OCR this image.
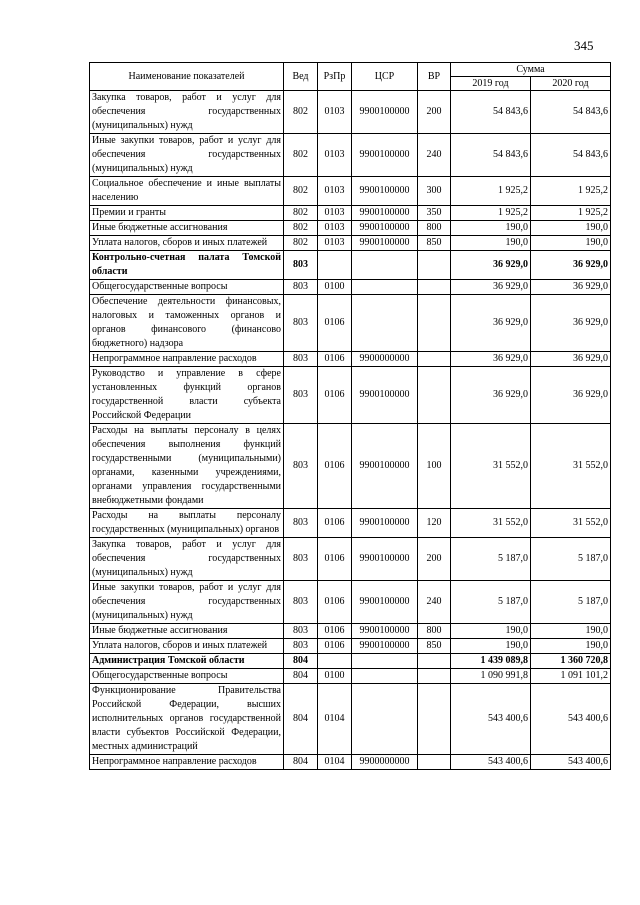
345
Наименование показателей	Вед	РзПр	ЦСР	ВР	Сумма	
					2019 год	2020 год
Закупка товаров, работ и услуг для обеспечения государственных (муниципальных) нужд	802	0103	9900100000	200	54 843,6	54 843,6
Иные закупки товаров, работ и услуг для обеспечения государственных (муниципальных) нужд	802	0103	9900100000	240	54 843,6	54 843,6
Социальное обеспечение и иные выплаты населению	802	0103	9900100000	300	1 925,2	1 925,2
Премии и гранты	802	0103	9900100000	350	1 925,2	1 925,2
Иные бюджетные ассигнования	802	0103	9900100000	800	190,0	190,0
Уплата налогов, сборов и иных платежей	802	0103	9900100000	850	190,0	190,0
Контрольно-счетная палата Томской области	803				36 929,0	36 929,0
Общегосударственные вопросы	803	0100			36 929,0	36 929,0
Обеспечение деятельности финансовых, налоговых и таможенных органов и органов финансового (финансово бюджетного) надзора	803	0106			36 929,0	36 929,0
Непрограммное направление расходов	803	0106	9900000000		36 929,0	36 929,0
Руководство и управление в сфере установленных функций органов государственной власти субъекта Российской Федерации	803	0106	9900100000		36 929,0	36 929,0
Расходы на выплаты персоналу в целях обеспечения выполнения функций государственными (муниципальными) органами, казенными учреждениями, органами управления государственными внебюджетными фондами	803	0106	9900100000	100	31 552,0	31 552,0
Расходы на выплаты персоналу государственных (муниципальных) органов	803	0106	9900100000	120	31 552,0	31 552,0
Закупка товаров, работ и услуг для обеспечения государственных (муниципальных) нужд	803	0106	9900100000	200	5 187,0	5 187,0
Иные закупки товаров, работ и услуг для обеспечения государственных (муниципальных) нужд	803	0106	9900100000	240	5 187,0	5 187,0
Иные бюджетные ассигнования	803	0106	9900100000	800	190,0	190,0
Уплата налогов, сборов и иных платежей	803	0106	9900100000	850	190,0	190,0
Администрация Томской области	804				1 439 089,8	1 360 720,8
Общегосударственные вопросы	804	0100			1 090 991,8	1 091 101,2
Функционирование Правительства Российской Федерации, высших исполнительных органов государственной власти субъектов Российской Федерации, местных администраций	804	0104			543 400,6	543 400,6
Непрограммное направление расходов	804	0104	9900000000		543 400,6	543 400,6
